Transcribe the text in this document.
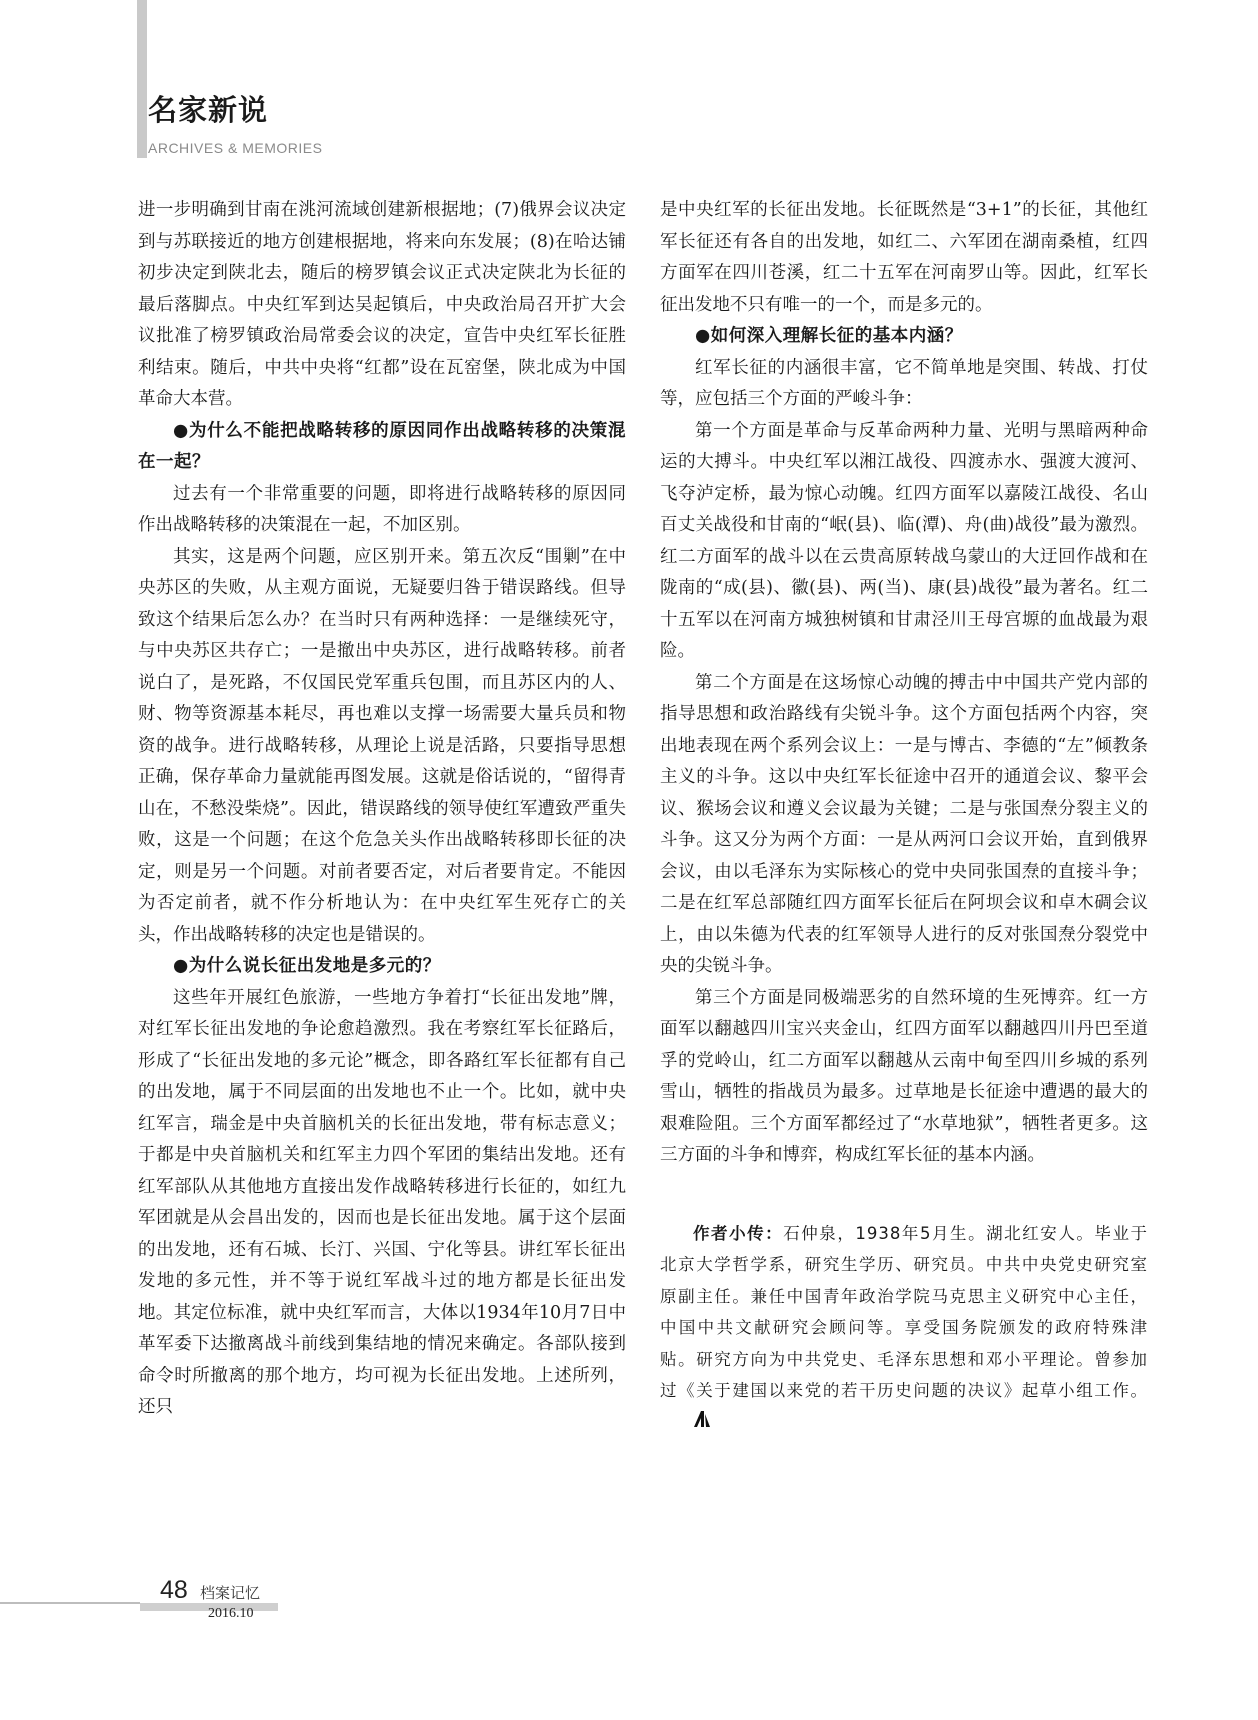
名家新说
ARCHIVES & MEMORIES

进一步明确到甘南在洮河流域创建新根据地；(7)俄界会议决定到与苏联接近的地方创建根据地，将来向东发展；(8)在哈达铺初步决定到陕北去，随后的榜罗镇会议正式决定陕北为长征的最后落脚点。中央红军到达吴起镇后，中央政治局召开扩大会议批准了榜罗镇政治局常委会议的决定，宣告中央红军长征胜利结束。随后，中共中央将“红都”设在瓦窑堡，陕北成为中国革命大本营。

●为什么不能把战略转移的原因同作出战略转移的决策混在一起？

过去有一个非常重要的问题，即将进行战略转移的原因同作出战略转移的决策混在一起，不加区别。

其实，这是两个问题，应区别开来。第五次反“围剿”在中央苏区的失败，从主观方面说，无疑要归咎于错误路线。但导致这个结果后怎么办？在当时只有两种选择：一是继续死守，与中央苏区共存亡；一是撤出中央苏区，进行战略转移。前者说白了，是死路，不仅国民党军重兵包围，而且苏区内的人、财、物等资源基本耗尽，再也难以支撑一场需要大量兵员和物资的战争。进行战略转移，从理论上说是活路，只要指导思想正确，保存革命力量就能再图发展。这就是俗话说的，“留得青山在，不愁没柴烧”。因此，错误路线的领导使红军遭致严重失败，这是一个问题；在这个危急关头作出战略转移即长征的决定，则是另一个问题。对前者要否定，对后者要肯定。不能因为否定前者，就不作分析地认为：在中央红军生死存亡的关头，作出战略转移的决定也是错误的。

●为什么说长征出发地是多元的？

这些年开展红色旅游，一些地方争着打“长征出发地”牌，对红军长征出发地的争论愈趋激烈。我在考察红军长征路后，形成了“长征出发地的多元论”概念，即各路红军长征都有自己的出发地，属于不同层面的出发地也不止一个。比如，就中央红军言，瑞金是中央首脑机关的长征出发地，带有标志意义；于都是中央首脑机关和红军主力四个军团的集结出发地。还有红军部队从其他地方直接出发作战略转移进行长征的，如红九军团就是从会昌出发的，因而也是长征出发地。属于这个层面的出发地，还有石城、长汀、兴国、宁化等县。讲红军长征出发地的多元性，并不等于说红军战斗过的地方都是长征出发地。其定位标准，就中央红军而言，大体以1934年10月7日中革军委下达撤离战斗前线到集结地的情况来确定。各部队接到命令时所撤离的那个地方，均可视为长征出发地。上述所列，还只

是中央红军的长征出发地。长征既然是“3+1”的长征，其他红军长征还有各自的出发地，如红二、六军团在湖南桑植，红四方面军在四川苍溪，红二十五军在河南罗山等。因此，红军长征出发地不只有唯一的一个，而是多元的。

●如何深入理解长征的基本内涵？

红军长征的内涵很丰富，它不简单地是突围、转战、打仗等，应包括三个方面的严峻斗争：

第一个方面是革命与反革命两种力量、光明与黑暗两种命运的大搏斗。中央红军以湘江战役、四渡赤水、强渡大渡河、飞夺泸定桥，最为惊心动魄。红四方面军以嘉陵江战役、名山百丈关战役和甘南的“岷(县)、临(潭)、舟(曲)战役”最为激烈。红二方面军的战斗以在云贵高原转战乌蒙山的大迂回作战和在陇南的“成(县)、徽(县)、两(当)、康(县)战役”最为著名。红二十五军以在河南方城独树镇和甘肃泾川王母宫塬的血战最为艰险。

第二个方面是在这场惊心动魄的搏击中中国共产党内部的指导思想和政治路线有尖锐斗争。这个方面包括两个内容，突出地表现在两个系列会议上：一是与博古、李德的“左”倾教条主义的斗争。这以中央红军长征途中召开的通道会议、黎平会议、猴场会议和遵义会议最为关键；二是与张国焘分裂主义的斗争。这又分为两个方面：一是从两河口会议开始，直到俄界会议，由以毛泽东为实际核心的党中央同张国焘的直接斗争；二是在红军总部随红四方面军长征后在阿坝会议和卓木碉会议上，由以朱德为代表的红军领导人进行的反对张国焘分裂党中央的尖锐斗争。

第三个方面是同极端恶劣的自然环境的生死博弈。红一方面军以翻越四川宝兴夹金山，红四方面军以翻越四川丹巴至道孚的党岭山，红二方面军以翻越从云南中甸至四川乡城的系列雪山，牺牲的指战员为最多。过草地是长征途中遭遇的最大的艰难险阻。三个方面军都经过了“水草地狱”，牺牲者更多。这三方面的斗争和博弈，构成红军长征的基本内涵。

作者小传：石仲泉，1938年5月生。湖北红安人。毕业于北京大学哲学系，研究生学历、研究员。中共中央党史研究室原副主任。兼任中国青年政治学院马克思主义研究中心主任，中国中共文献研究会顾问等。享受国务院颁发的政府特殊津贴。研究方向为中共党史、毛泽东思想和邓小平理论。曾参加过《关于建国以来党的若干历史问题的决议》起草小组工作。

48 档案记忆
2016.10
